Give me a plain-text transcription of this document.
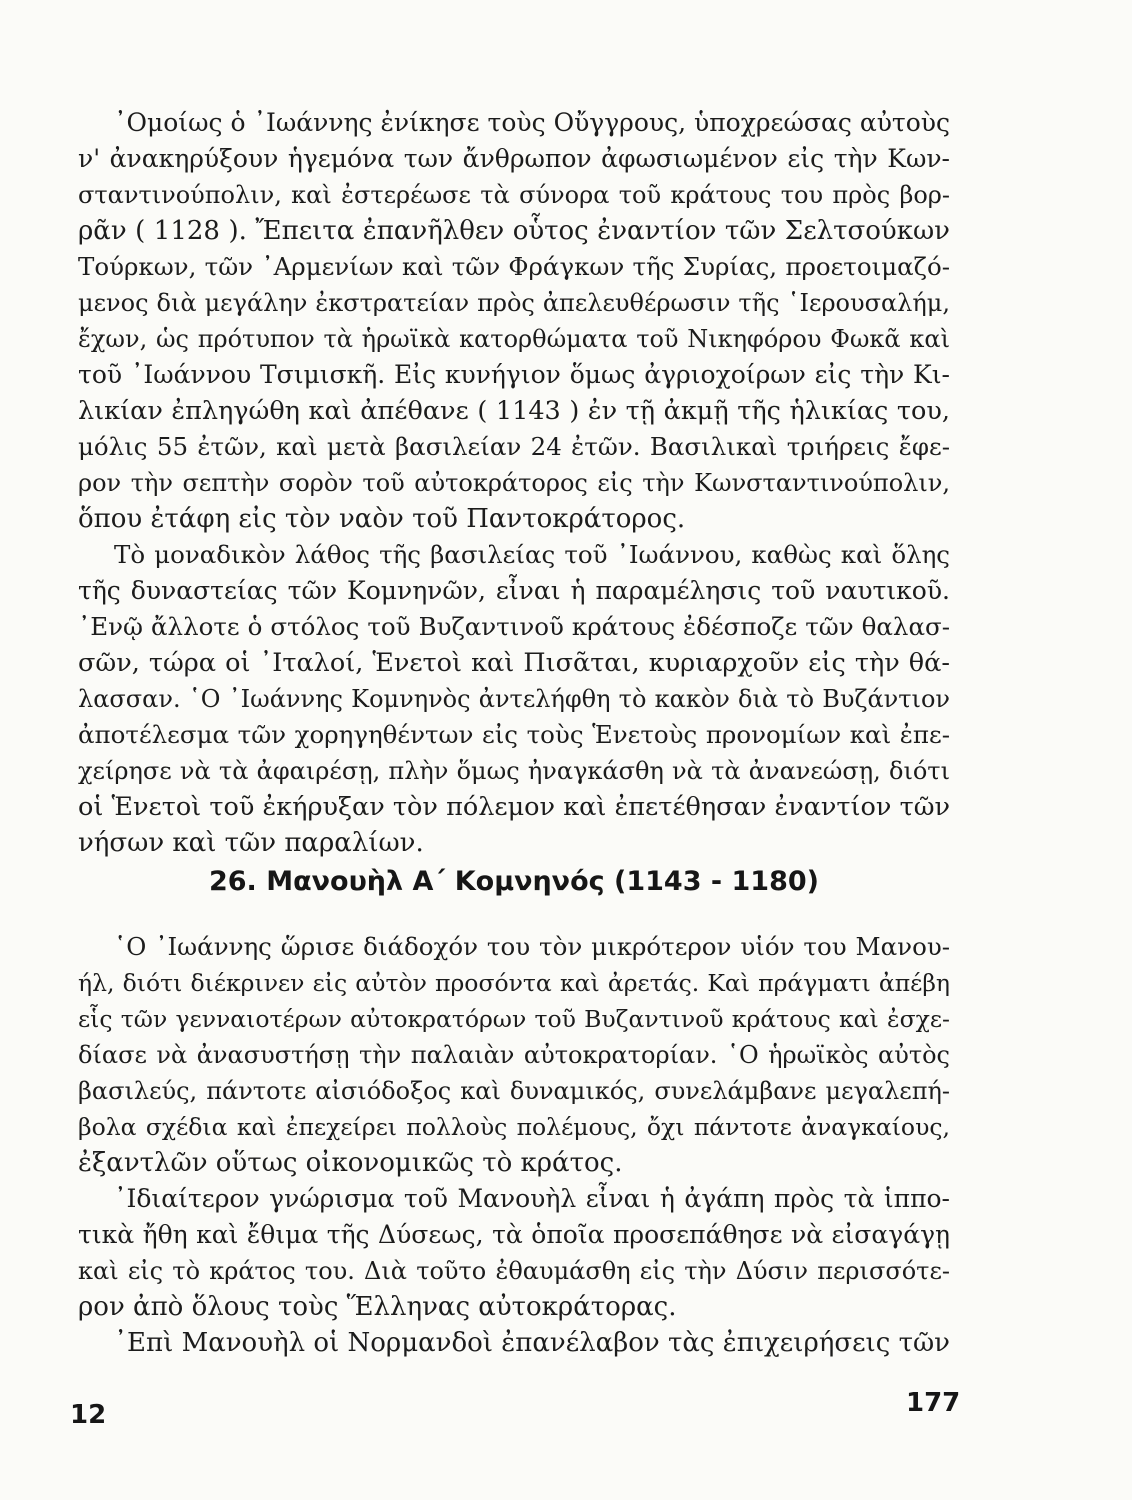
᾿Ομοίως ὁ ᾿Ιωάννης ἐνίκησε τοὺς Οὔγγρους, ὑποχρεώσας αὐτοὺς
ν' ἀνακηρύξουν ἡγεμόνα των ἄνθρωπον ἀφωσιωμένον εἰς τὴν Κων-
σταντινούπολιν, καὶ ἐστερέωσε τὰ σύνορα τοῦ κράτους του πρὸς βορ-
ρᾶν ( 1128 ). Ἔπειτα ἐπανῆλθεν οὗτος ἐναντίον τῶν Σελτσούκων
Τούρκων, τῶν ᾿Αρμενίων καὶ τῶν Φράγκων τῆς Συρίας, προετοιμαζό-
μενος διὰ μεγάλην ἐκστρατείαν πρὸς ἀπελευθέρωσιν τῆς ῾Ιερουσαλήμ,
ἔχων, ὡς πρότυπον τὰ ἡρωϊκὰ κατορθώματα τοῦ Νικηφόρου Φωκᾶ καὶ
τοῦ ᾿Ιωάννου Τσιμισκῆ. Εἰς κυνήγιον ὅμως ἀγριοχοίρων εἰς τὴν Κι-
λικίαν ἐπληγώθη καὶ ἀπέθανε ( 1143 ) ἐν τῇ ἀκμῇ τῆς ἡλικίας του,
μόλις 55 ἐτῶν, καὶ μετὰ βασιλείαν 24 ἐτῶν. Βασιλικαὶ τριήρεις ἔφε-
ρον τὴν σεπτὴν σορὸν τοῦ αὐτοκράτορος εἰς τὴν Κωνσταντινούπολιν,
ὅπου ἐτάφη εἰς τὸν ναὸν τοῦ Παντοκράτορος.
Τὸ μοναδικὸν λάθος τῆς βασιλείας τοῦ ᾿Ιωάννου, καθὼς καὶ ὅλης
τῆς δυναστείας τῶν Κομνηνῶν, εἶναι ἡ παραμέλησις τοῦ ναυτικοῦ.
᾿Ενῷ ἄλλοτε ὁ στόλος τοῦ Βυζαντινοῦ κράτους ἐδέσποζε τῶν θαλασ-
σῶν, τώρα οἱ ᾿Ιταλοί, Ἑνετοὶ καὶ Πισᾶται, κυριαρχοῦν εἰς τὴν θά-
λασσαν. ῾Ο ᾿Ιωάννης Κομνηνὸς ἀντελήφθη τὸ κακὸν διὰ τὸ Βυζάντιον
ἀποτέλεσμα τῶν χορηγηθέντων εἰς τοὺς Ἑνετοὺς προνομίων καὶ ἐπε-
χείρησε νὰ τὰ ἀφαιρέσῃ, πλὴν ὅμως ἠναγκάσθη νὰ τὰ ἀνανεώσῃ, διότι
οἱ Ἑνετοὶ τοῦ ἐκήρυξαν τὸν πόλεμον καὶ ἐπετέθησαν ἐναντίον τῶν
νήσων καὶ τῶν παραλίων.
26. Μανουὴλ Α΄ Κομνηνός (1143 - 1180)
῾Ο ᾿Ιωάννης ὥρισε διάδοχόν του τὸν μικρότερον υἱόν του Μανου-
ήλ, διότι διέκρινεν εἰς αὐτὸν προσόντα καὶ ἀρετάς. Καὶ πράγματι ἀπέβη
εἷς τῶν γενναιοτέρων αὐτοκρατόρων τοῦ Βυζαντινοῦ κράτους καὶ ἐσχε-
δίασε νὰ ἀνασυστήσῃ τὴν παλαιὰν αὐτοκρατορίαν. ῾Ο ἡρωϊκὸς αὐτὸς
βασιλεύς, πάντοτε αἰσιόδοξος καὶ δυναμικός, συνελάμβανε μεγαλεπή-
βολα σχέδια καὶ ἐπεχείρει πολλοὺς πολέμους, ὄχι πάντοτε ἀναγκαίους,
ἐξαντλῶν οὕτως οἰκονομικῶς τὸ κράτος.
᾿Ιδιαίτερον γνώρισμα τοῦ Μανουὴλ εἶναι ἡ ἀγάπη πρὸς τὰ ἱππο-
τικὰ ἤθη καὶ ἔθιμα τῆς Δύσεως, τὰ ὁποῖα προσεπάθησε νὰ εἰσαγάγῃ
καὶ εἰς τὸ κράτος του. Διὰ τοῦτο ἐθαυμάσθη εἰς τὴν Δύσιν περισσότε-
ρον ἀπὸ ὅλους τοὺς Ἕλληνας αὐτοκράτορας.
᾿Επὶ Μανουὴλ οἱ Νορμανδοὶ ἐπανέλαβον τὰς ἐπιχειρήσεις τῶν
12	177
